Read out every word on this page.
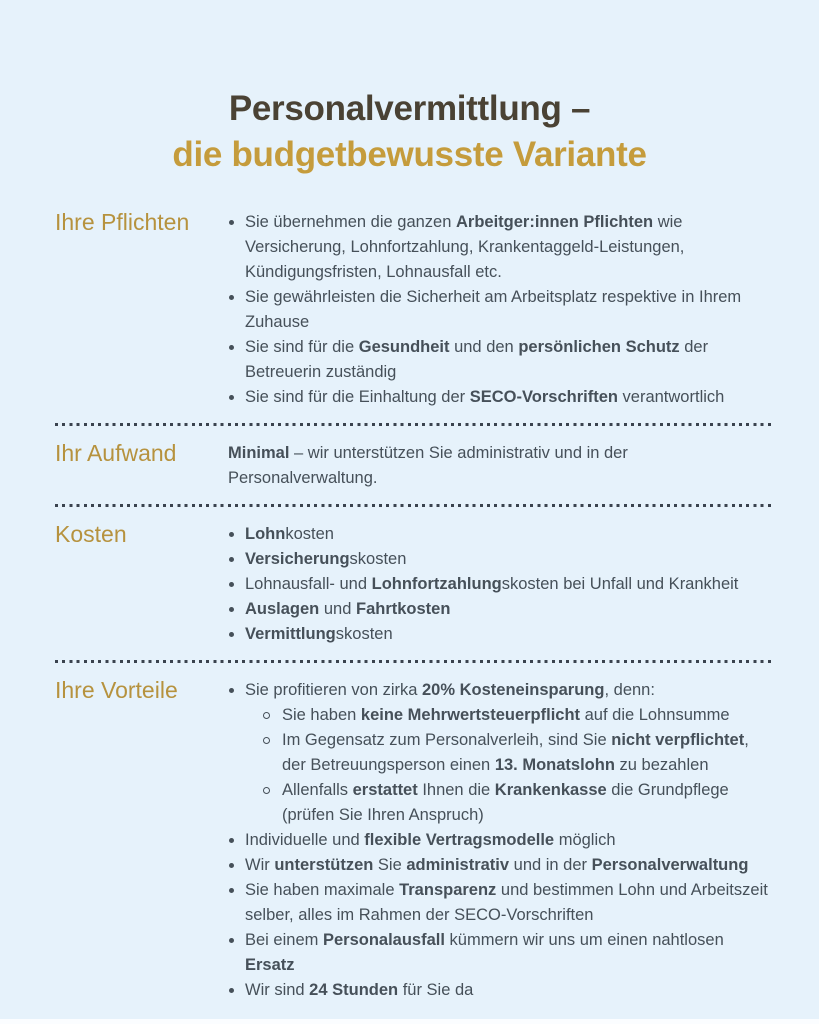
Personalvermittlung –
die budgetbewusste Variante
Ihre Pflichten	Sie übernehmen die ganzen Arbeitger:innen Pflichten wie Versicherung, Lohnfortzahlung, Krankentaggeld-Leistungen, Kündigungsfristen, Lohnausfall etc.
Sie gewährleisten die Sicherheit am Arbeitsplatz respektive in Ihrem Zuhause
Sie sind für die Gesundheit und den persönlichen Schutz der Betreuerin zuständig
Sie sind für die Einhaltung der SECO-Vorschriften verantwortlich
Ihr Aufwand	Minimal – wir unterstützen Sie administrativ und in der Personalverwaltung.

Kosten	Lohnkosten
Versicherungskosten
Lohnausfall- und Lohnfortzahlungskosten bei Unfall und Krankheit
Auslagen und Fahrtkosten
Vermittlungskosten
Ihre Vorteile	Sie profitieren von zirka 20% Kosteneinsparung, denn:
Sie haben keine Mehrwertsteuerpflicht auf die Lohnsumme
Im Gegensatz zum Personalverleih, sind Sie nicht verpflichtet, der Betreuungsperson einen 13. Monatslohn zu bezahlen
Allenfalls erstattet Ihnen die Krankenkasse die Grundpflege (prüfen Sie Ihren Anspruch)
Individuelle und flexible Vertragsmodelle möglich
Wir unterstützen Sie administrativ und in der Personalverwaltung
Sie haben maximale Transparenz und bestimmen Lohn und Arbeitszeit selber, alles im Rahmen der SECO-Vorschriften
Bei einem Personalausfall kümmern wir uns um einen nahtlosen Ersatz
Wir sind 24 Stunden für Sie da
